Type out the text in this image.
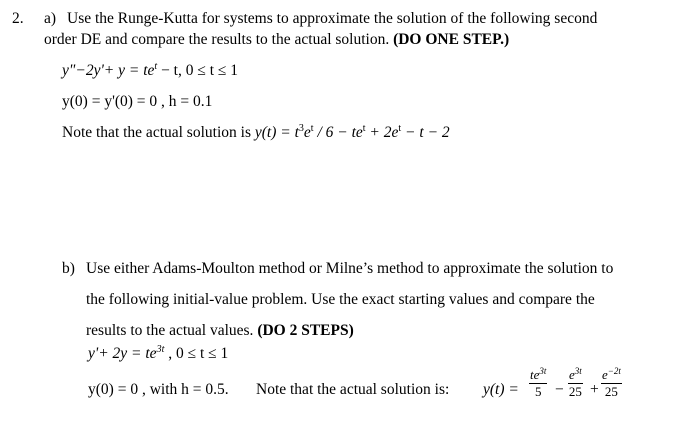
2. a) Use the Runge-Kutta for systems to approximate the solution of the following second
order DE and compare the results to the actual solution. (DO ONE STEP.)
y"−2y'+ $y = te^t - t$, 0 ≤ t ≤ 1
y(0) = y'(0) = 0 , h = 0.1
Note that the actual solution is $y(t) = t^3e^t / 6 - te^t + 2e^t - t - 2$
b) Use either Adams-Moulton method or Milne’s method to approximate the solution to
the following initial-value problem. Use the exact starting values and compare the
results to the actual values. (DO 2 STEPS)
$y'+ 2y = te^{3t}$ , 0 ≤ t ≤ 1
y(0) = 0 , with h = 0.5. Note that the actual solution is: y(t) =
$te^{3t}$
5 −
$e^{3t}$
25 +
$e^{-2t}$
25
